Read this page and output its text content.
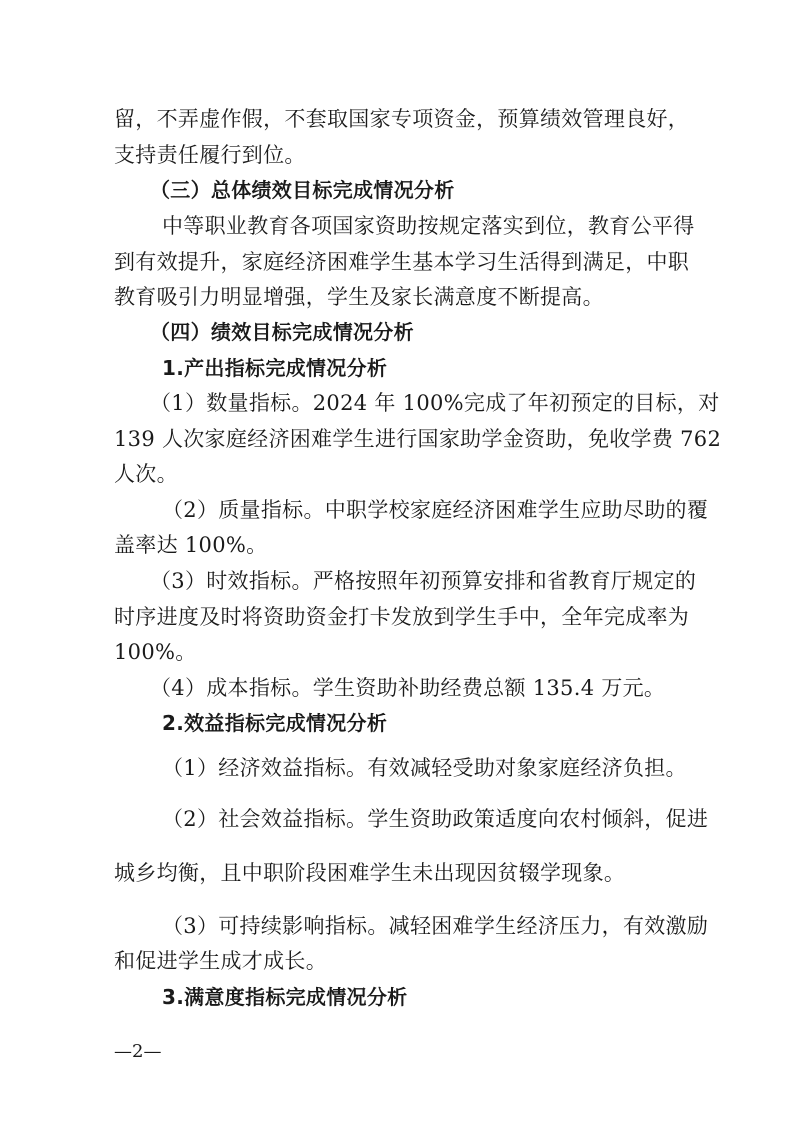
留，不弄虚作假，不套取国家专项资金，预算绩效管理良好，
支持责任履行到位。
（三）总体绩效目标完成情况分析
中等职业教育各项国家资助按规定落实到位，教育公平得
到有效提升，家庭经济困难学生基本学习生活得到满足，中职
教育吸引力明显增强，学生及家长满意度不断提高。
（四）绩效目标完成情况分析
1.产出指标完成情况分析
（1）数量指标。2024 年 100%完成了年初预定的目标，对
139 人次家庭经济困难学生进行国家助学金资助，免收学费 762
人次。
（2）质量指标。中职学校家庭经济困难学生应助尽助的覆
盖率达 100%。
（3）时效指标。严格按照年初预算安排和省教育厅规定的
时序进度及时将资助资金打卡发放到学生手中，全年完成率为
100%。
（4）成本指标。学生资助补助经费总额 135.4 万元。
2.效益指标完成情况分析
（1）经济效益指标。有效减轻受助对象家庭经济负担。
（2）社会效益指标。学生资助政策适度向农村倾斜，促进
城乡均衡，且中职阶段困难学生未出现因贫辍学现象。
（3）可持续影响指标。减轻困难学生经济压力，有效激励
和促进学生成才成长。
3.满意度指标完成情况分析
—2—
